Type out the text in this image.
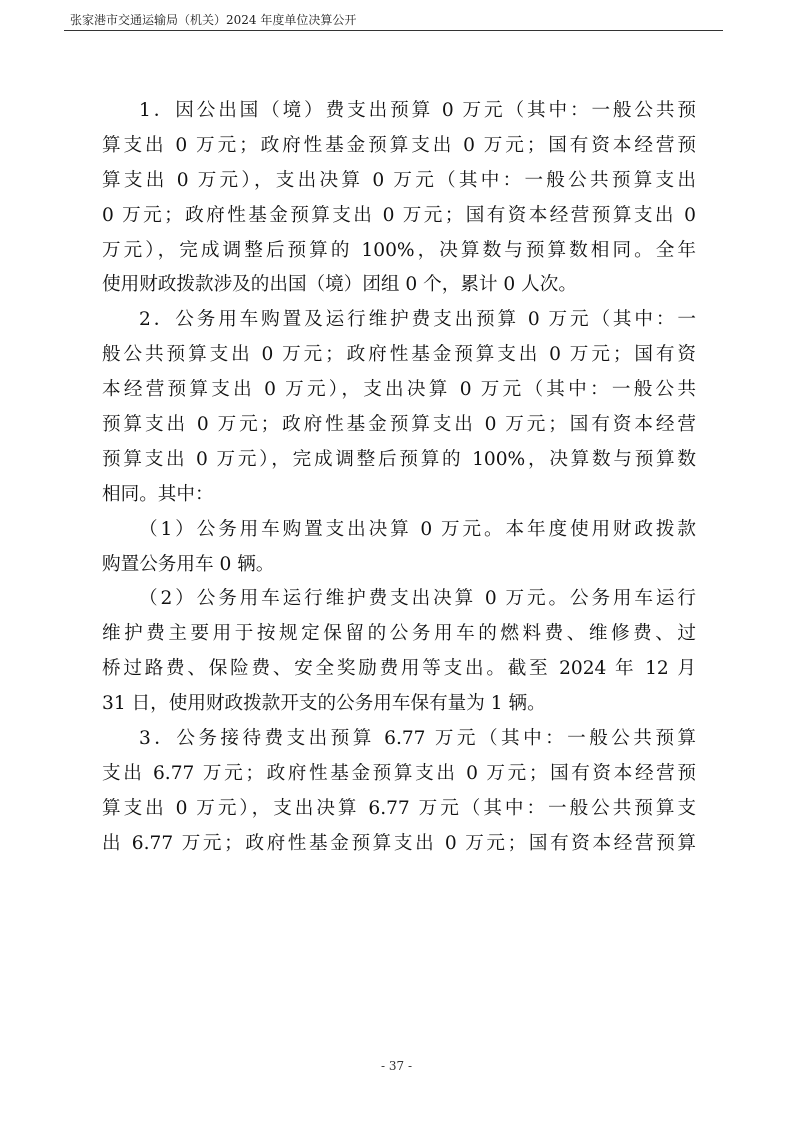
张家港市交通运输局（机关）2024 年度单位决算公开
1．因公出国（境）费支出预算 0 万元（其中：一般公共预
算支出 0 万元；政府性基金预算支出 0 万元；国有资本经营预
算支出 0 万元），支出决算 0 万元（其中：一般公共预算支出
0 万元；政府性基金预算支出 0 万元；国有资本经营预算支出 0
万元），完成调整后预算的 100%，决算数与预算数相同。全年
使用财政拨款涉及的出国（境）团组 0 个，累计 0 人次。
2．公务用车购置及运行维护费支出预算 0 万元（其中：一
般公共预算支出 0 万元；政府性基金预算支出 0 万元；国有资
本经营预算支出 0 万元），支出决算 0 万元（其中：一般公共
预算支出 0 万元；政府性基金预算支出 0 万元；国有资本经营
预算支出 0 万元），完成调整后预算的 100%，决算数与预算数
相同。其中：
（1）公务用车购置支出决算 0 万元。本年度使用财政拨款
购置公务用车 0 辆。
（2）公务用车运行维护费支出决算 0 万元。公务用车运行
维护费主要用于按规定保留的公务用车的燃料费、维修费、过
桥过路费、保险费、安全奖励费用等支出。截至 2024 年 12 月
31 日，使用财政拨款开支的公务用车保有量为 1 辆。
3．公务接待费支出预算 6.77 万元（其中：一般公共预算
支出 6.77 万元；政府性基金预算支出 0 万元；国有资本经营预
算支出 0 万元），支出决算 6.77 万元（其中：一般公共预算支
出 6.77 万元；政府性基金预算支出 0 万元；国有资本经营预算
- 37 -
